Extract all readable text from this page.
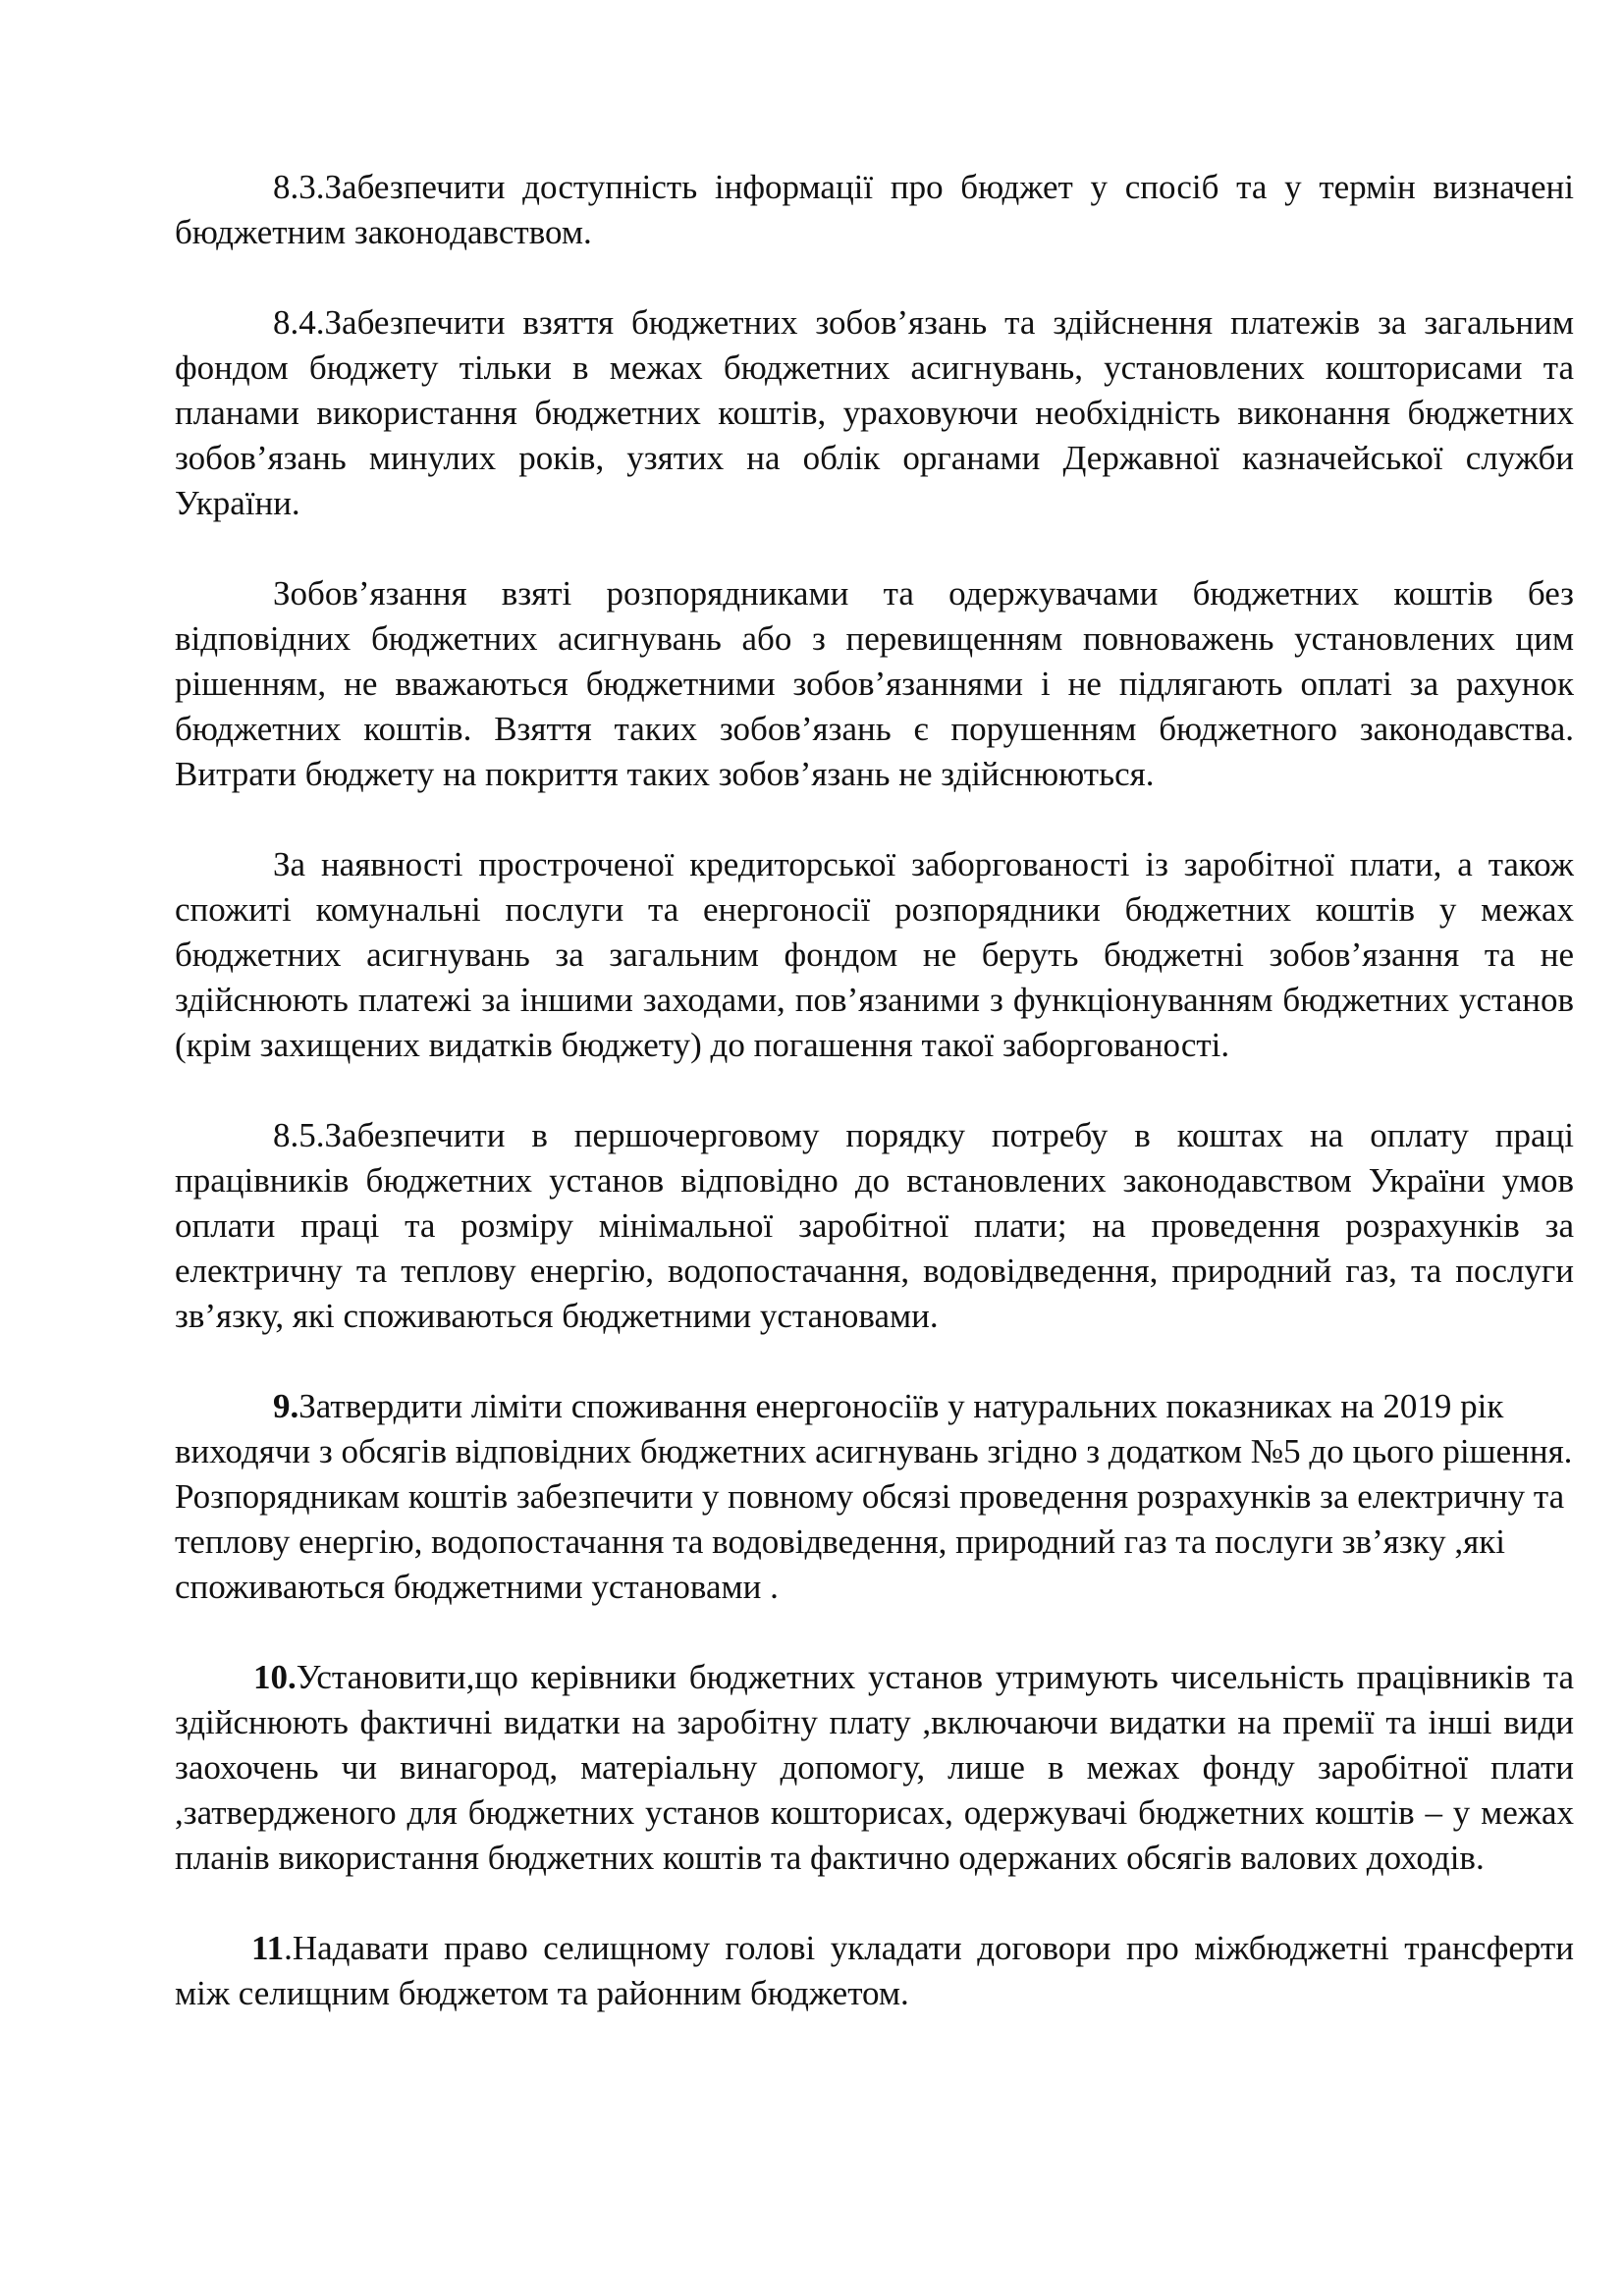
8.3.Забезпечити доступність інформації про бюджет у спосіб та у термін визначені бюджетним законодавством.

8.4.Забезпечити взяття бюджетних зобов’язань та здійснення платежів за загальним фондом бюджету тільки в межах бюджетних асигнувань, установлених кошторисами та планами використання бюджетних коштів, ураховуючи необхідність виконання бюджетних зобов’язань минулих років, узятих на облік органами Державної казначейської служби України.

Зобов’язання взяті розпорядниками та одержувачами бюджетних коштів без відповідних бюджетних асигнувань або з перевищенням повноважень установлених цим рішенням, не вважаються бюджетними зобов’язаннями і не підлягають оплаті за рахунок бюджетних коштів. Взяття таких зобов’язань є порушенням бюджетного законодавства. Витрати бюджету на покриття таких зобов’язань не здійснюються.

За наявності простроченої кредиторської заборгованості із заробітної плати, а також спожиті комунальні послуги та енергоносії розпорядники бюджетних коштів у межах бюджетних асигнувань за загальним фондом не беруть бюджетні зобов’язання та не здійснюють платежі за іншими заходами, пов’язаними з функціонуванням бюджетних установ (крім захищених видатків бюджету) до погашення такої заборгованості.

8.5.Забезпечити в першочерговому порядку потребу в коштах на оплату праці працівників бюджетних установ відповідно до встановлених законодавством України умов оплати праці та розміру мінімальної заробітної плати; на проведення розрахунків за електричну та теплову енергію, водопостачання, водовідведення, природний газ, та послуги зв’язку, які споживаються бюджетними установами.

9.Затвердити ліміти споживання енергоносіїв у натуральних показниках на 2019 рік виходячи з обсягів відповідних бюджетних асигнувань згідно з додатком №5 до цього рішення.

Розпорядникам коштів забезпечити у повному обсязі проведення розрахунків за електричну та теплову енергію, водопостачання та водовідведення, природний газ та послуги зв’язку ,які споживаються бюджетними установами .

10.Установити,що керівники бюджетних установ утримують чисельність працівників та здійснюють фактичні видатки на заробітну плату ,включаючи видатки на премії та інші види заохочень чи винагород, матеріальну допомогу, лише в межах фонду заробітної плати ,затвердженого для бюджетних установ кошторисах, одержувачі бюджетних коштів – у межах планів використання бюджетних коштів та фактично одержаних обсягів валових доходів.

11.Надавати право селищному голові укладати договори про міжбюджетні трансферти між селищним бюджетом та районним бюджетом.
